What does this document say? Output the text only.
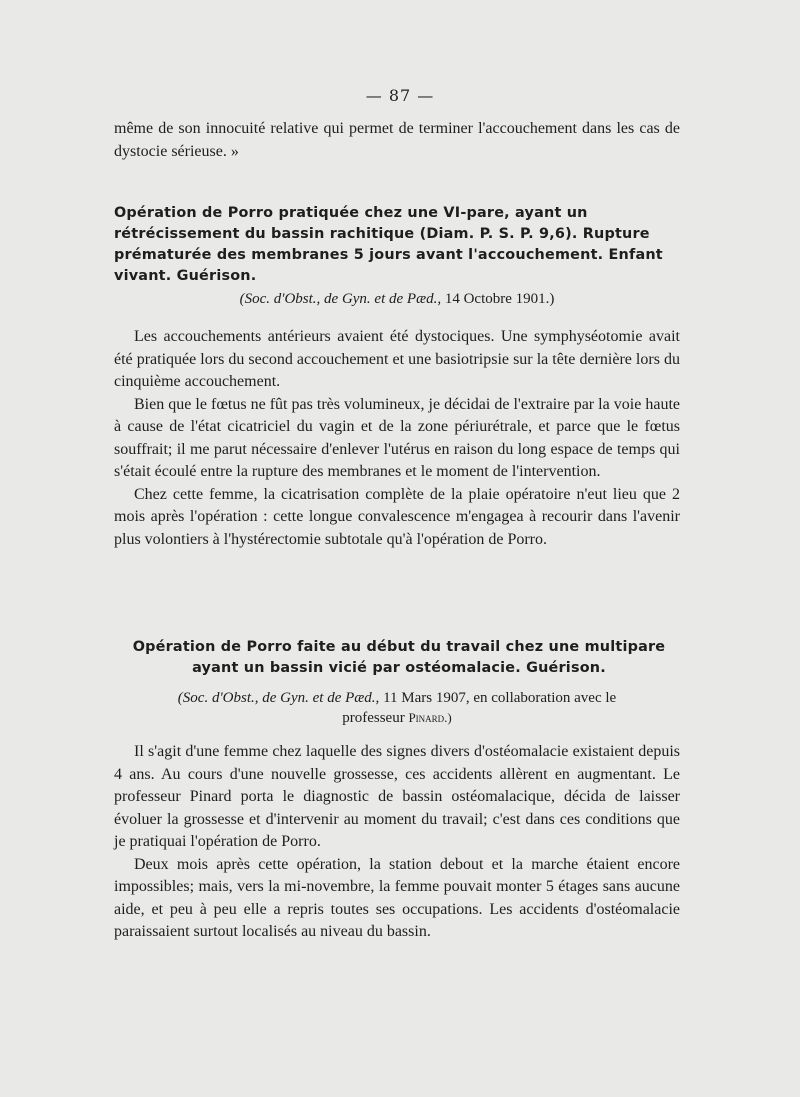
— 87 —

même de son innocuité relative qui permet de terminer l'accouchement dans les cas de dystocie sérieuse. »

Opération de Porro pratiquée chez une VI-pare, ayant un rétrécissement du bassin rachitique (Diam. P. S. P. 9,6). Rupture prématurée des membranes 5 jours avant l'accouchement. Enfant vivant. Guérison.
(Soc. d'Obst., de Gyn. et de Pæd., 14 Octobre 1901.)

Les accouchements antérieurs avaient été dystociques. Une symphyséotomie avait été pratiquée lors du second accouchement et une basiotripsie sur la tête dernière lors du cinquième accouchement.

Bien que le fœtus ne fût pas très volumineux, je décidai de l'extraire par la voie haute à cause de l'état cicatriciel du vagin et de la zone périurétrale, et parce que le fœtus souffrait; il me parut nécessaire d'enlever l'utérus en raison du long espace de temps qui s'était écoulé entre la rupture des membranes et le moment de l'intervention.

Chez cette femme, la cicatrisation complète de la plaie opératoire n'eut lieu que 2 mois après l'opération : cette longue convalescence m'engagea à recourir dans l'avenir plus volontiers à l'hystérectomie subtotale qu'à l'opération de Porro.

Opération de Porro faite au début du travail chez une multipare
ayant un bassin vicié par ostéomalacie. Guérison.
(Soc. d'Obst., de Gyn. et de Pæd., 11 Mars 1907, en collaboration avec le
professeur Pinard.)

Il s'agit d'une femme chez laquelle des signes divers d'ostéomalacie existaient depuis 4 ans. Au cours d'une nouvelle grossesse, ces accidents allèrent en augmentant. Le professeur Pinard porta le diagnostic de bassin ostéomalacique, décida de laisser évoluer la grossesse et d'intervenir au moment du travail; c'est dans ces conditions que je pratiquai l'opération de Porro.

Deux mois après cette opération, la station debout et la marche étaient encore impossibles; mais, vers la mi-novembre, la femme pouvait monter 5 étages sans aucune aide, et peu à peu elle a repris toutes ses occupations. Les accidents d'ostéomalacie paraissaient surtout localisés au niveau du bassin.
